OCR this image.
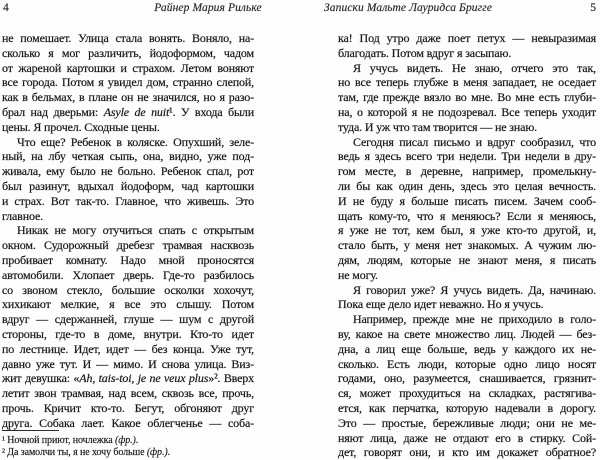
4	Райнер Мария Рильке	Записки Мальте Лауридса Бригге	5
не помешает. Улица стала вонять. Воняло, на-
сколько я мог различить, йодоформом, чадом
от жареной картошки и страхом. Летом воняют
все города. Потом я увидел дом, странно слепой,
как в бельмах, в плане он не значился, но я разо-
брал над дверьми: Asyle de nuit¹. У входа были
цены. Я прочел. Сходные цены.
Что еще? Ребенок в коляске. Опухший, зеле-
ный, на лбу четкая сыпь, она, видно, уже под-
живала, ему было не больно. Ребенок спал, рот
был разинут, вдыхал йодоформ, чад картошки
и страх. Вот так-то. Главное, что живешь. Это
главное.
Никак не могу отучиться спать с открытым
окном. Судорожный дребезг трамвая насквозь
пробивает комнату. Надо мной проносятся
автомобили. Хлопает дверь. Где-то разбилось
со звоном стекло, большие осколки хохочут,
хихикают мелкие, я все это слышу. Потом
вдруг — сдержанней, глуше — шум с другой
стороны, где-то в доме, внутри. Кто-то идет
по лестнице. Идет, идет — без конца. Уже тут,
давно уже тут. И — мимо. И снова улица. Виз-
жит девушка: «Ah, tais-toi, je ne veux plus»². Вверх
летит звон трамвая, над всем, сквозь все, прочь,
прочь. Кричит кто-то. Бегут, обгоняют друг
друга. Собака лает. Какое облегченье — соба-
ка! Под утро даже поет петух — невыразимая
благодать. Потом вдруг я засыпаю.
Я учусь видеть. Не знаю, отчего это так,
но все теперь глубже в меня западает, не оседает
там, где прежде вязло во мне. Во мне есть глуби-
на, о которой я не подозревал. Все теперь уходит
туда. И уж что там творится — не знаю.
Сегодня писал письмо и вдруг сообразил, что
ведь я здесь всего три недели. Три недели в дру-
гом месте, в деревне, например, промелькну-
ли бы как один день, здесь это целая вечность.
И не буду я больше писать писем. Зачем сооб-
щать кому-то, что я меняюсь? Если я меняюсь,
я уже не тот, кем был, я уже кто-то другой, и,
стало быть, у меня нет знакомых. А чужим лю-
дям, людям, которые не знают меня, я писать
не могу.
Я говорил уже? Я учусь видеть. Да, начинаю.
Пока еще дело идет неважно. Но я учусь.
Например, прежде мне не приходило в голо-
ву, какое на свете множество лиц. Людей — без-
дна, а лиц еще больше, ведь у каждого их не-
сколько. Есть люди, которые одно лицо носят
годами, оно, разумеется, снашивается, грязнит-
ся, может прохудиться на складках, растягива-
ется, как перчатка, которую надевали в дорогу.
Это — простые, бережливые люди; они не ме-
няют лица, даже не отдают его в стирку. Сой-
дет, говорят они, и кто им докажет обратное?
¹ Ночной приют, ночлежка (фр.).
² Да замолчи ты, я не хочу больше (фр.).
